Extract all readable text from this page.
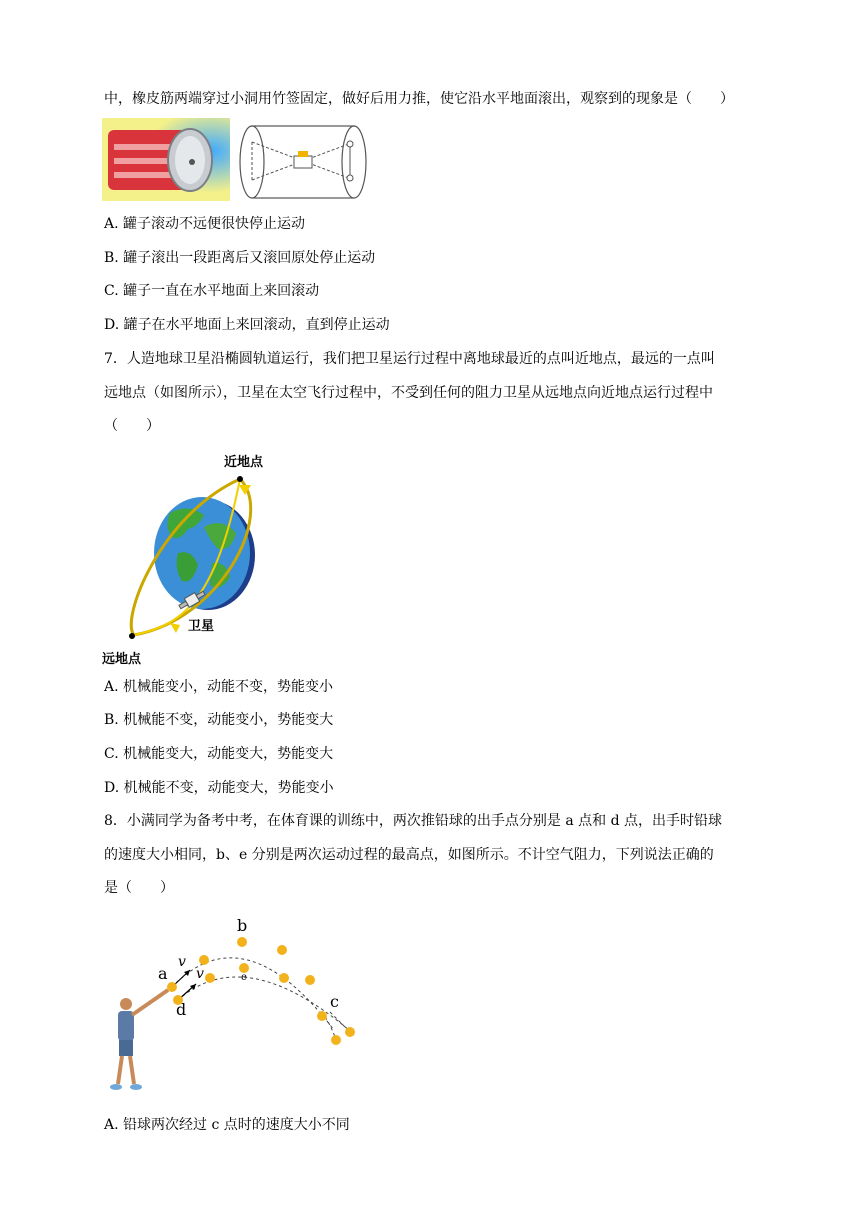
中，橡皮筋两端穿过小洞用竹签固定，做好后用力推，使它沿水平地面滚出，观察到的现象是（　　）
A. 罐子滚动不远便很快停止运动
B. 罐子滚出一段距离后又滚回原处停止运动
C. 罐子一直在水平地面上来回滚动
D. 罐子在水平地面上来回滚动，直到停止运动
7．人造地球卫星沿椭圆轨道运行，我们把卫星运行过程中离地球最近的点叫近地点，最远的一点叫
远地点（如图所示），卫星在太空飞行过程中，不受到任何的阻力卫星从远地点向近地点运行过程中
（　　）
近地点
卫星
远地点
A. 机械能变小，动能不变，势能变小
B. 机械能不变，动能变小，势能变大
C. 机械能变大，动能变大，势能变大
D. 机械能不变，动能变大，势能变小
8．小满同学为备考中考，在体育课的训练中，两次推铅球的出手点分别是 a 点和 d 点，出手时铅球
的速度大小相同，b、e 分别是两次运动过程的最高点，如图所示。不计空气阻力，下列说法正确的
是（　　）
a
b
c
d
e
v
v
A. 铅球两次经过 c 点时的速度大小不同
